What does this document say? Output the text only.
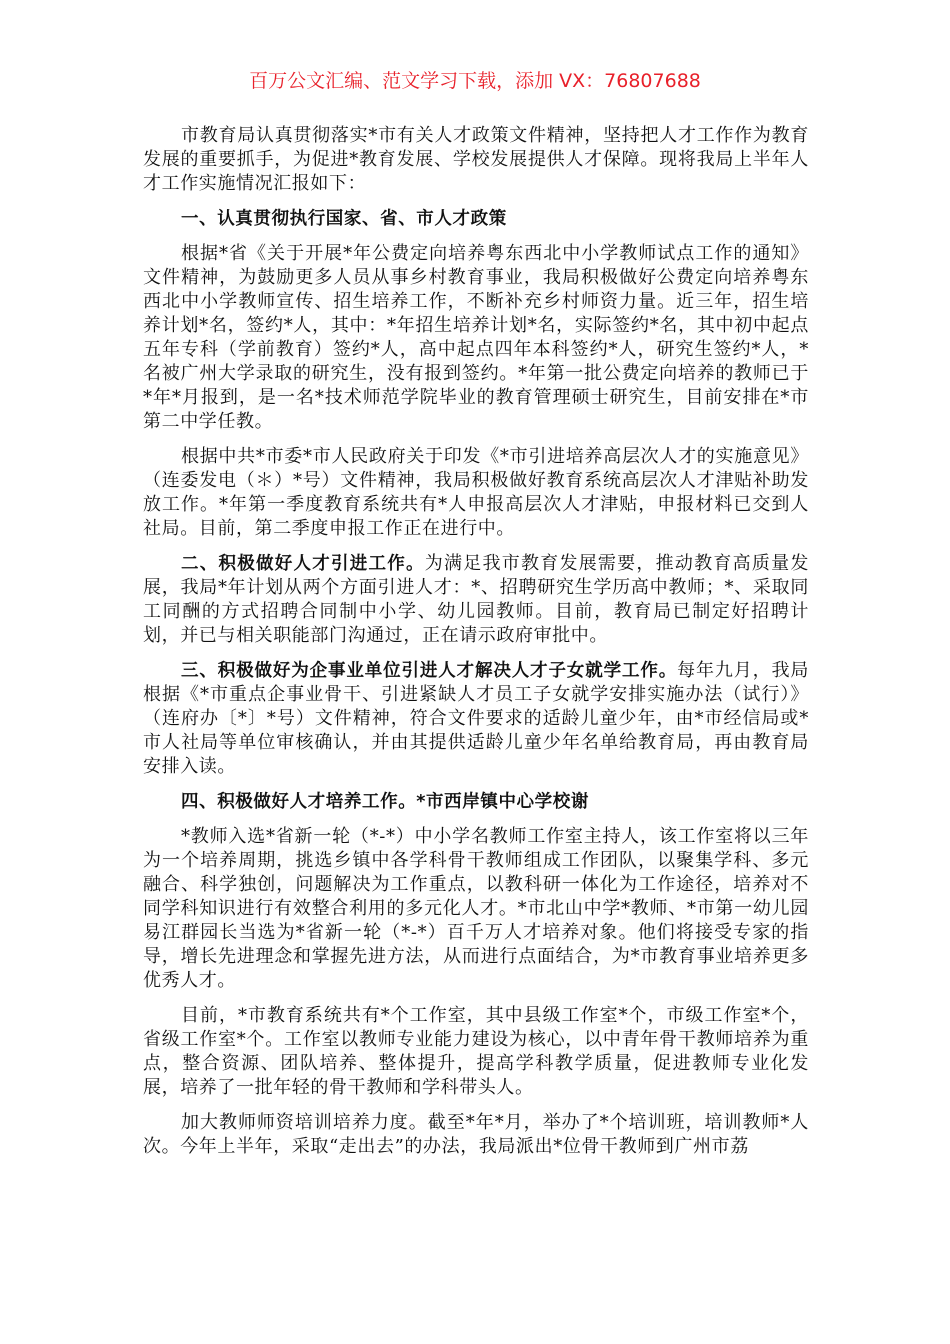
百万公文汇编、范文学习下载，添加 VX：76807688

市教育局认真贯彻落实*市有关人才政策文件精神，坚持把人才工作作为教育发展的重要抓手，为促进*教育发展、学校发展提供人才保障。现将我局上半年人才工作实施情况汇报如下：

一、认真贯彻执行国家、省、市人才政策

根据*省《关于开展*年公费定向培养粤东西北中小学教师试点工作的通知》文件精神，为鼓励更多人员从事乡村教育事业，我局积极做好公费定向培养粤东西北中小学教师宣传、招生培养工作，不断补充乡村师资力量。近三年，招生培养计划*名，签约*人，其中：*年招生培养计划*名，实际签约*名，其中初中起点五年专科（学前教育）签约*人，高中起点四年本科签约*人，研究生签约*人，*名被广州大学录取的研究生，没有报到签约。*年第一批公费定向培养的教师已于*年*月报到，是一名*技术师范学院毕业的教育管理硕士研究生，目前安排在*市第二中学任教。

根据中共*市委*市人民政府关于印发《*市引进培养高层次人才的实施意见》（连委发电（＊）*号）文件精神，我局积极做好教育系统高层次人才津贴补助发放工作。*年第一季度教育系统共有*人申报高层次人才津贴，申报材料已交到人社局。目前，第二季度申报工作正在进行中。

二、积极做好人才引进工作。为满足我市教育发展需要，推动教育高质量发展，我局*年计划从两个方面引进人才：*、招聘研究生学历高中教师；*、采取同工同酬的方式招聘合同制中小学、幼儿园教师。目前，教育局已制定好招聘计划，并已与相关职能部门沟通过，正在请示政府审批中。

三、积极做好为企事业单位引进人才解决人才子女就学工作。每年九月，我局根据《*市重点企事业骨干、引进紧缺人才员工子女就学安排实施办法（试行）》（连府办〔*〕*号）文件精神，符合文件要求的适龄儿童少年，由*市经信局或*市人社局等单位审核确认，并由其提供适龄儿童少年名单给教育局，再由教育局安排入读。

四、积极做好人才培养工作。*市西岸镇中心学校谢

*教师入选*省新一轮（*-*）中小学名教师工作室主持人，该工作室将以三年为一个培养周期，挑选乡镇中各学科骨干教师组成工作团队，以聚集学科、多元融合、科学独创，问题解决为工作重点，以教科研一体化为工作途径，培养对不同学科知识进行有效整合利用的多元化人才。*市北山中学*教师、*市第一幼儿园易江群园长当选为*省新一轮（*-*）百千万人才培养对象。他们将接受专家的指导，增长先进理念和掌握先进方法，从而进行点面结合，为*市教育事业培养更多优秀人才。

目前，*市教育系统共有*个工作室，其中县级工作室*个，市级工作室*个，省级工作室*个。工作室以教师专业能力建设为核心，以中青年骨干教师培养为重点，整合资源、团队培养、整体提升，提高学科教学质量，促进教师专业化发展，培养了一批年轻的骨干教师和学科带头人。

加大教师师资培训培养力度。截至*年*月，举办了*个培训班，培训教师*人次。今年上半年，采取“走出去”的办法，我局派出*位骨干教师到广州市荔
